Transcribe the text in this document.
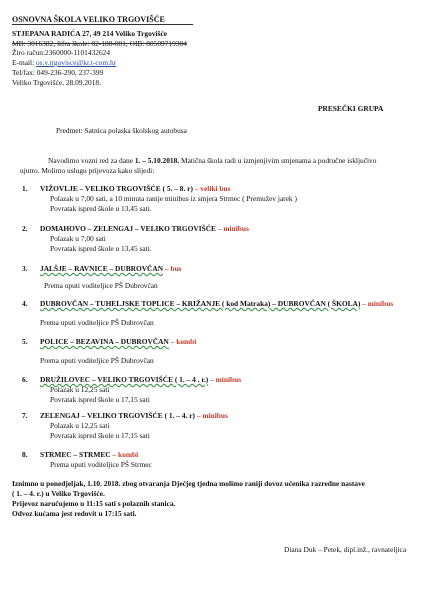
OSNOVNA ŠKOLA VELIKO TRGOVIŠĆE
STJEPANA RADIĆA 27, 49 214 Veliko Trgovišće
MB: 3016382, šifra škole: 02-188-001, OIB: 80509719304
Žiro račun:2360000-1101432624
E-mail: os.v.trgovisce@kr.t-com.hr
Tel/fax: 049-236-290, 237-399
Veliko Trgovišće, 28.09.2018.
PRESEČKI GRUPA
Predmet: Satnica polaska školskog autobusa
Navodimo vozni red za dane 1. – 5.10.2018. Matična škola radi u izmjenjivim smjenama a područne isključivo
ujutro. Molimo uslugu prijevoza kako slijedi:
1. VIŽOVLJE – VELIKO TRGOVIŠĆE ( 5. – 8. r) – veliki bus
Polazak u 7,00 sati, a 10 minuta ranije minibus iz smjera Strmec ( Premužev jarek )
Povratak ispred škole u 13,45 sati.
2. DOMAHOVO – ZELENGAJ – VELIKO TRGOVIŠĆE – minibus
Polazak u 7,00 sati
Povratak ispred škole u 13,45 sati.
3. JALŠJE – RAVNICE – DUBROVČAN – bus
Prema uputi voditeljice PŠ Dubrovčan
4. DUBROVČAN – TUHELJSKE TOPLICE – KRIŽANJE ( kod Matraka) – DUBROVČAN ( ŠKOLA) – minibus
Prema uputi voditeljice PŠ Dubrovčan
5. POLICE – BEZAVINA – DUBROVČAN – kombi
Prema uputi voditeljice PŠ Dubrovčan
6. DRUŽILOVEC – VELIKO TRGOVIŠĆE ( 1. – 4 . r.) – minibus
Polazak u 12,25 sati
Povratak ispred škole u 17,15 sati
7. ZELENGAJ – VELIKO TRGOVIŠĆE ( 1. – 4. r) – minibus
Polazak u 12,25 sati
Povratak ispred škole u 17,15 sati
8. STRMEC – STRMEC – kombi
Prema uputi voditeljice PŠ Strmec
Iznimno u ponedjeljak, 1.10. 2018. zbog otvaranja Dječjeg tjedna molimo raniji dovoz učenika razredne nastave
( 1. – 4. r.) u Veliko Trgovišće.
Prijevoz naručujemo u 11:15 sati s polaznih stanica.
Odvoz kućama jest redovit u 17:15 sati.
Diana Duk – Petek, dipl.inž., ravnateljica
